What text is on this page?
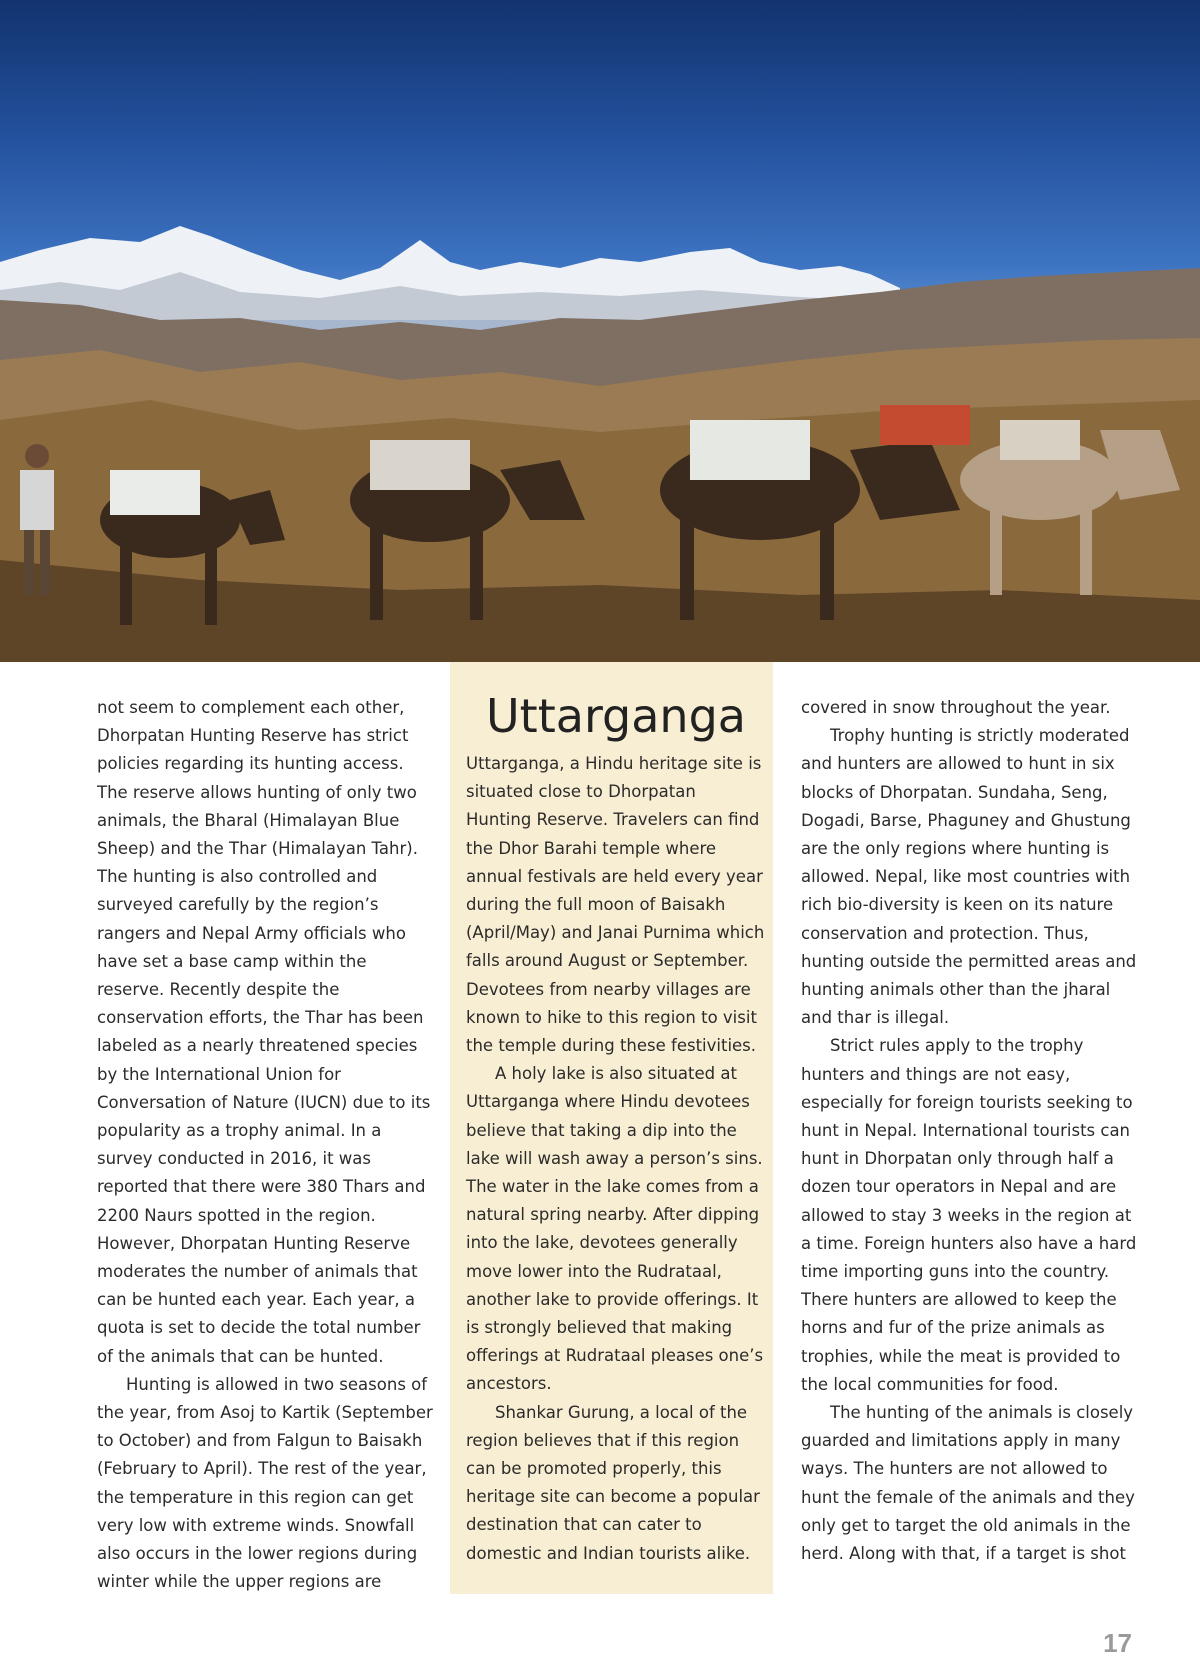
not seem to complement each other, Dhorpatan Hunting Reserve has strict policies regarding its hunting access. The reserve allows hunting of only two animals, the Bharal (Himalayan Blue Sheep) and the Thar (Himalayan Tahr). The hunting is also controlled and surveyed carefully by the region’s rangers and Nepal Army officials who have set a base camp within the reserve. Recently despite the conservation efforts, the Thar has been labeled as a nearly threatened species by the International Union for Conversation of Nature (IUCN) due to its popularity as a trophy animal. In a survey conducted in 2016, it was reported that there were 380 Thars and 2200 Naurs spotted in the region. However, Dhorpatan Hunting Reserve moderates the number of animals that can be hunted each year. Each year, a quota is set to decide the total number of the animals that can be hunted.

Hunting is allowed in two seasons of the year, from Asoj to Kartik (September to October) and from Falgun to Baisakh (February to April). The rest of the year, the temperature in this region can get very low with extreme winds. Snowfall also occurs in the lower regions during winter while the upper regions are

Uttarganga

Uttarganga, a Hindu heritage site is situated close to Dhorpatan Hunting Reserve. Travelers can find the Dhor Barahi temple where annual festivals are held every year during the full moon of Baisakh (April/May) and Janai Purnima which falls around August or September. Devotees from nearby villages are known to hike to this region to visit the temple during these festivities.

A holy lake is also situated at Uttarganga where Hindu devotees believe that taking a dip into the lake will wash away a person’s sins. The water in the lake comes from a natural spring nearby. After dipping into the lake, devotees generally move lower into the Rudrataal, another lake to provide offerings. It is strongly believed that making offerings at Rudrataal pleases one’s ancestors.

Shankar Gurung, a local of the region believes that if this region can be promoted properly, this heritage site can become a popular destination that can cater to domestic and Indian tourists alike.

covered in snow throughout the year.

Trophy hunting is strictly moderated and hunters are allowed to hunt in six blocks of Dhorpatan. Sundaha, Seng, Dogadi, Barse, Phaguney and Ghustung are the only regions where hunting is allowed. Nepal, like most countries with rich bio-diversity is keen on its nature conservation and protection. Thus, hunting outside the permitted areas and hunting animals other than the jharal and thar is illegal.

Strict rules apply to the trophy hunters and things are not easy, especially for foreign tourists seeking to hunt in Nepal. International tourists can hunt in Dhorpatan only through half a dozen tour operators in Nepal and are allowed to stay 3 weeks in the region at a time. Foreign hunters also have a hard time importing guns into the country. There hunters are allowed to keep the horns and fur of the prize animals as trophies, while the meat is provided to the local communities for food.

The hunting of the animals is closely guarded and limitations apply in many ways. The hunters are not allowed to hunt the female of the animals and they only get to target the old animals in the herd. Along with that, if a target is shot

17
